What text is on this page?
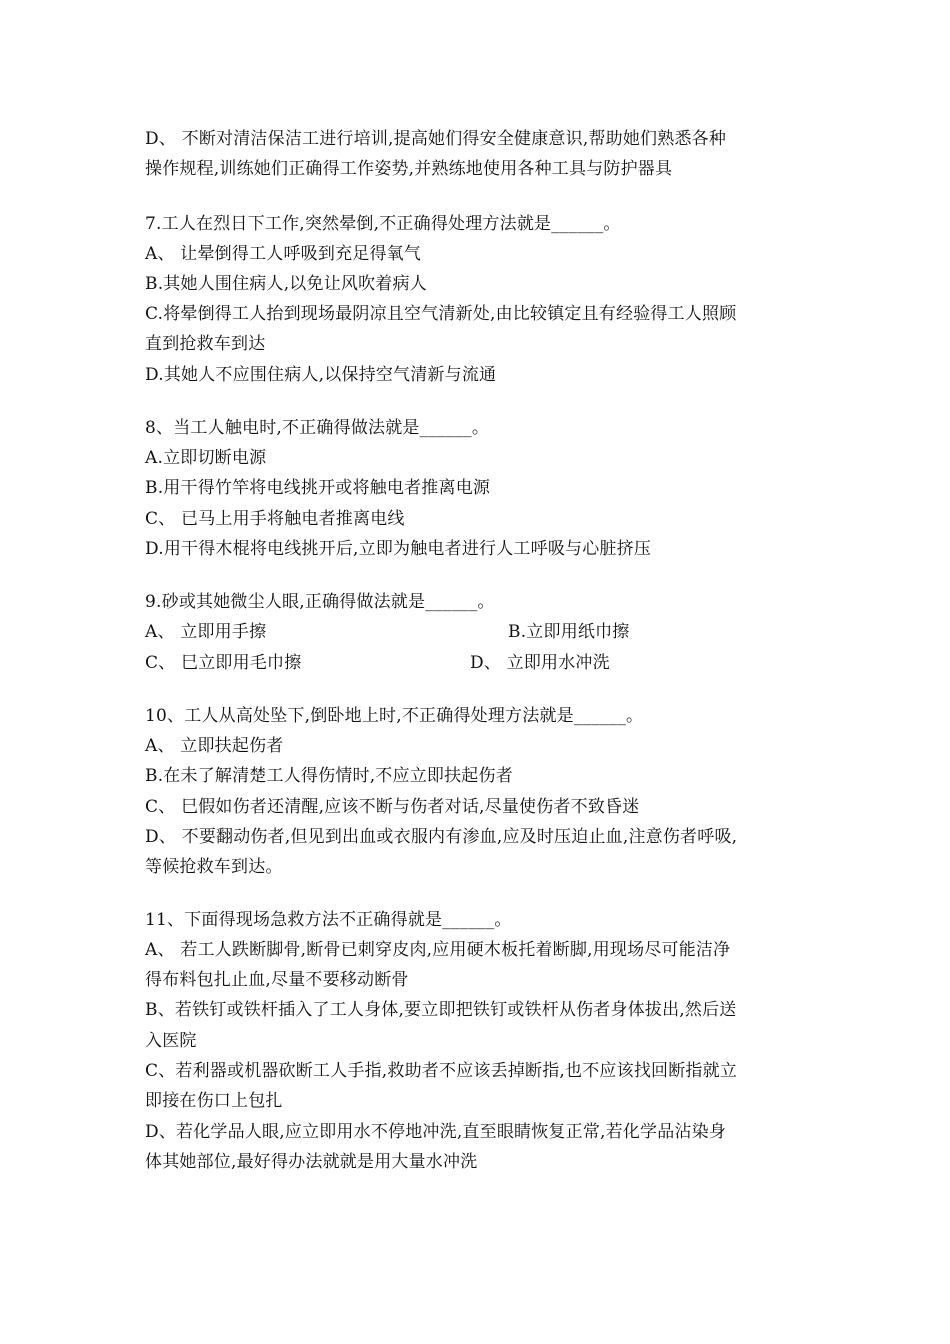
D、 不断对清洁保洁工进行培训,提高她们得安全健康意识,帮助她们熟悉各种
操作规程,训练她们正确得工作姿势,并熟练地使用各种工具与防护器具
7.工人在烈日下工作,突然晕倒,不正确得处理方法就是______。
A、 让晕倒得工人呼吸到充足得氧气
B.其她人围住病人,以免让风吹着病人
C.将晕倒得工人抬到现场最阴凉且空气清新处,由比较镇定且有经验得工人照顾
直到抢救车到达
D.其她人不应围住病人,以保持空气清新与流通
8、当工人触电时,不正确得做法就是______。
A.立即切断电源
B.用干得竹竿将电线挑开或将触电者推离电源
C、 已马上用手将触电者推离电线
D.用干得木棍将电线挑开后,立即为触电者进行人工呼吸与心脏挤压
9.砂或其她微尘人眼,正确得做法就是______。
A、 立即用手擦	B.立即用纸巾擦
C、 巳立即用毛巾擦	D、 立即用水冲洗
10、工人从高处坠下,倒卧地上时,不正确得处理方法就是______。
A、 立即扶起伤者
B.在未了解清楚工人得伤情时,不应立即扶起伤者
C、 巳假如伤者还清醒,应该不断与伤者对话,尽量使伤者不致昏迷
D、 不要翻动伤者,但见到出血或衣服内有渗血,应及时压迫止血,注意伤者呼吸,
等候抢救车到达。
11、下面得现场急救方法不正确得就是______。
A、 若工人跌断脚骨,断骨已刺穿皮肉,应用硬木板托着断脚,用现场尽可能洁净
得布料包扎止血,尽量不要移动断骨
B、若铁钉或铁杆插入了工人身体,要立即把铁钉或铁杆从伤者身体拔出,然后送
入医院
C、若利器或机器砍断工人手指,救助者不应该丢掉断指,也不应该找回断指就立
即接在伤口上包扎
D、若化学品人眼,应立即用水不停地冲洗,直至眼睛恢复正常,若化学品沾染身
体其她部位,最好得办法就就是用大量水冲洗
